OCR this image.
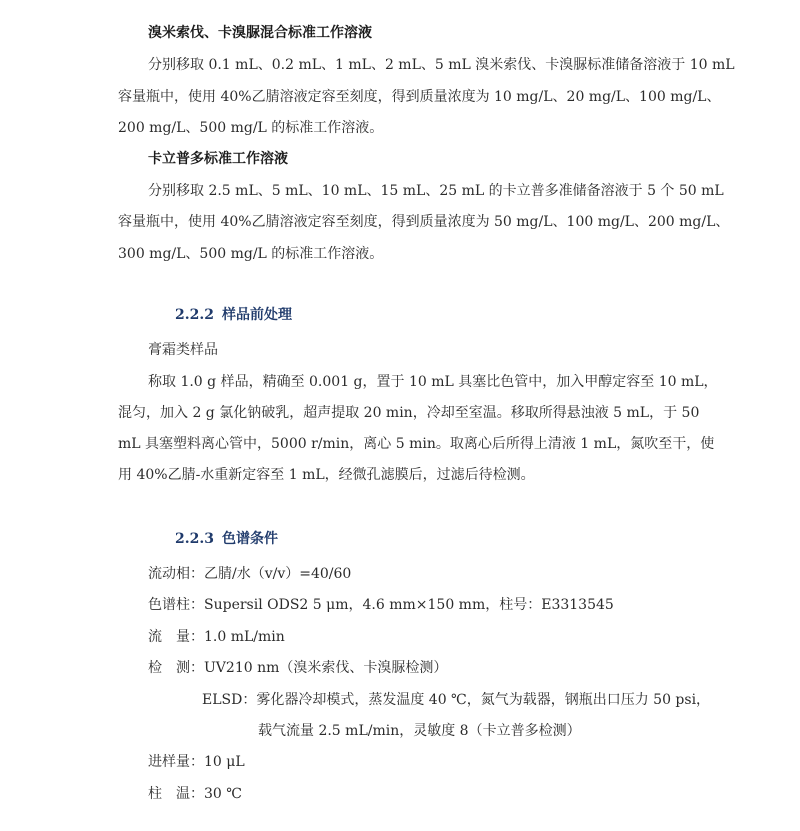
溴米索伐、卡溴脲混合标准工作溶液
分别移取 0.1 mL、0.2 mL、1 mL、2 mL、5 mL 溴米索伐、卡溴脲标准储备溶液于 10 mL
容量瓶中，使用 40%乙腈溶液定容至刻度，得到质量浓度为 10 mg/L、20 mg/L、100 mg/L、
200 mg/L、500 mg/L 的标准工作溶液。
卡立普多标准工作溶液
分别移取 2.5 mL、5 mL、10 mL、15 mL、25 mL 的卡立普多准储备溶液于 5 个 50 mL
容量瓶中，使用 40%乙腈溶液定容至刻度，得到质量浓度为 50 mg/L、100 mg/L、200 mg/L、
300 mg/L、500 mg/L 的标准工作溶液。
2.2.2 样品前处理
膏霜类样品
称取 1.0 g 样品，精确至 0.001 g，置于 10 mL 具塞比色管中，加入甲醇定容至 10 mL，
混匀，加入 2 g 氯化钠破乳，超声提取 20 min，冷却至室温。移取所得悬浊液 5 mL，于 50
mL 具塞塑料离心管中，5000 r/min，离心 5 min。取离心后所得上清液 1 mL，氮吹至干，使
用 40%乙腈-水重新定容至 1 mL，经微孔滤膜后，过滤后待检测。
2.2.3 色谱条件
流动相：乙腈/水（v/v）=40/60
色谱柱：Supersil ODS2 5 μm，4.6 mm×150 mm，柱号：E3313545
流　量：1.0 mL/min
检　测：UV210 nm（溴米索伐、卡溴脲检测）
ELSD：雾化器冷却模式，蒸发温度 40 ℃，氮气为载器，钢瓶出口压力 50 psi，
载气流量 2.5 mL/min，灵敏度 8（卡立普多检测）
进样量：10 μL
柱　温：30 ℃
